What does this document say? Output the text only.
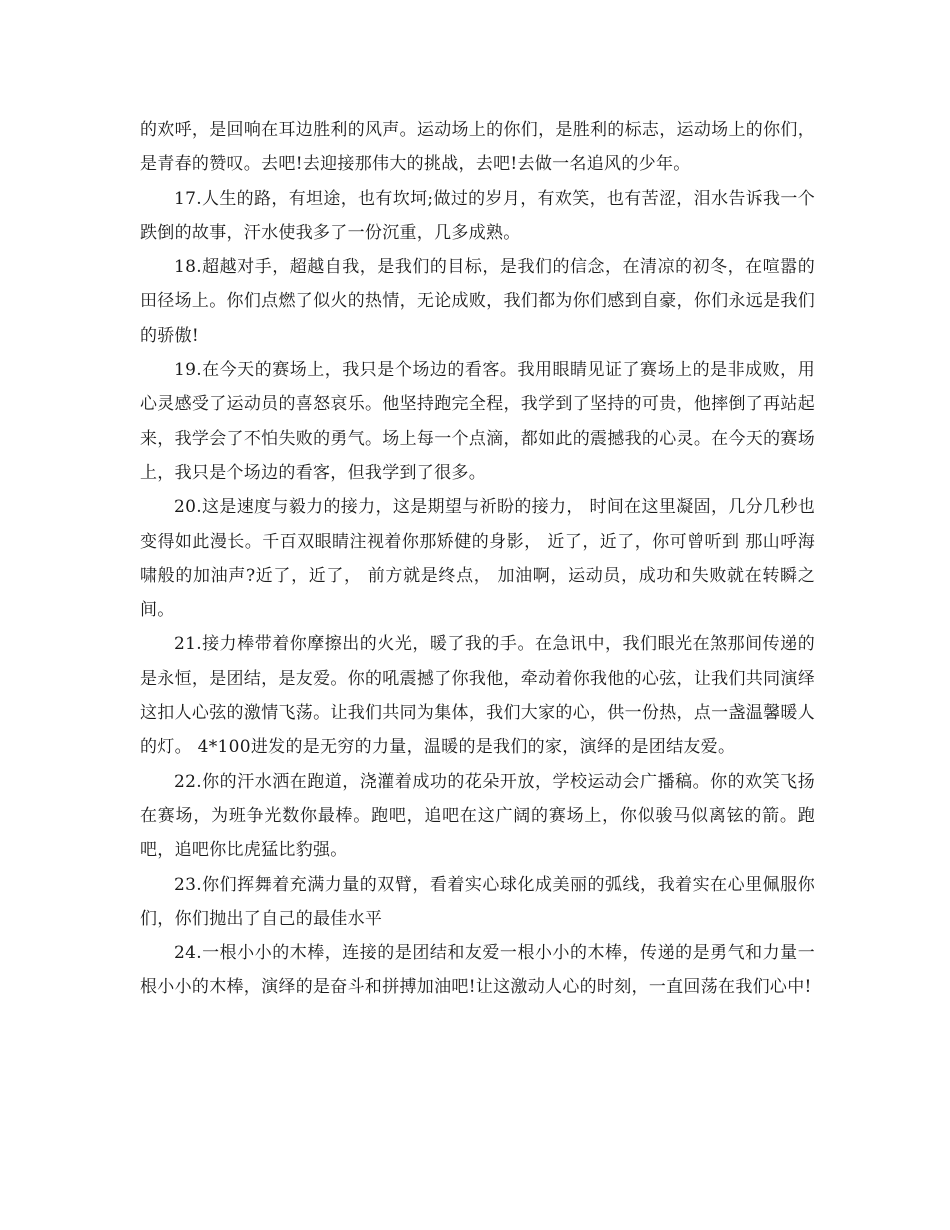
的欢呼，是回响在耳边胜利的风声。运动场上的你们，是胜利的标志，运动场上的你们，是青春的赞叹。去吧!去迎接那伟大的挑战，去吧!去做一名追风的少年。

17.人生的路，有坦途，也有坎坷;做过的岁月，有欢笑，也有苦涩，泪水告诉我一个跌倒的故事，汗水使我多了一份沉重，几多成熟。

18.超越对手，超越自我，是我们的目标，是我们的信念，在清凉的初冬，在喧嚣的田径场上。你们点燃了似火的热情，无论成败，我们都为你们感到自豪，你们永远是我们的骄傲!

19.在今天的赛场上，我只是个场边的看客。我用眼睛见证了赛场上的是非成败，用心灵感受了运动员的喜怒哀乐。他坚持跑完全程，我学到了坚持的可贵，他摔倒了再站起来，我学会了不怕失败的勇气。场上每一个点滴，都如此的震撼我的心灵。在今天的赛场上，我只是个场边的看客，但我学到了很多。

20.这是速度与毅力的接力，这是期望与祈盼的接力， 时间在这里凝固，几分几秒也变得如此漫长。千百双眼睛注视着你那矫健的身影， 近了，近了，你可曾听到 那山呼海啸般的加油声?近了，近了， 前方就是终点， 加油啊，运动员，成功和失败就在转瞬之间。

21.接力棒带着你摩擦出的火光，暖了我的手。在急讯中，我们眼光在煞那间传递的是永恒，是团结，是友爱。你的吼震撼了你我他，牵动着你我他的心弦，让我们共同演绎这扣人心弦的激情飞荡。让我们共同为集体，我们大家的心，供一份热，点一盏温馨暖人的灯。 4*100进发的是无穷的力量，温暖的是我们的家，演绎的是团结友爱。

22.你的汗水洒在跑道，浇灌着成功的花朵开放，学校运动会广播稿。你的欢笑飞扬在赛场，为班争光数你最棒。跑吧，追吧在这广阔的赛场上，你似骏马似离铉的箭。跑吧，追吧你比虎猛比豹强。

23.你们挥舞着充满力量的双臂，看着实心球化成美丽的弧线，我着实在心里佩服你们，你们抛出了自己的最佳水平

24.一根小小的木棒，连接的是团结和友爱一根小小的木棒，传递的是勇气和力量一根小小的木棒，演绎的是奋斗和拼搏加油吧!让这激动人心的时刻，一直回荡在我们心中!
